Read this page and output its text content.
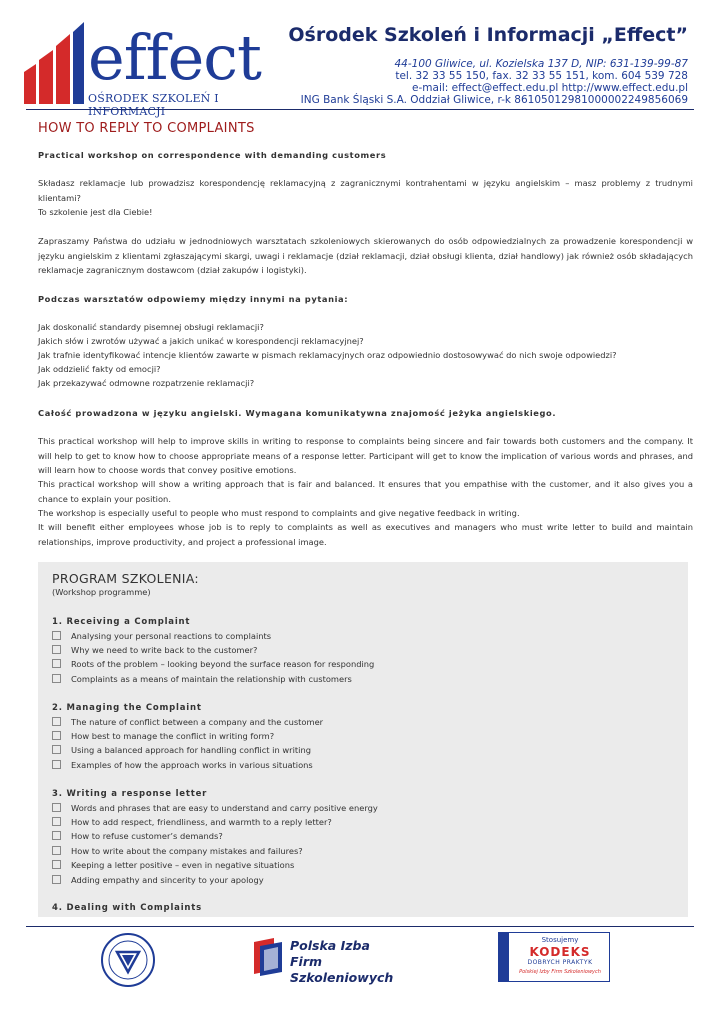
effect
OŚRODEK SZKOLEŃ I INFORMACJI
Ośrodek Szkoleń i Informacji „Effect”
44-100 Gliwice, ul. Kozielska 137 D, NIP: 631-139-99-87
tel. 32 33 55 150, fax. 32 33 55 151, kom. 604 539 728
e-mail: effect@effect.edu.pl http://www.effect.edu.pl
ING Bank Śląski S.A. Oddział Gliwice, r-k 86105012981000002249856069
HOW TO REPLY TO COMPLAINTS
Practical workshop on correspondence with demanding customers
Składasz reklamacje lub prowadzisz korespondencję reklamacyjną z zagranicznymi kontrahentami w języku angielskim – masz problemy z trudnymi klientami?
To szkolenie jest dla Ciebie!
Zapraszamy Państwa do udziału w jednodniowych warsztatach szkoleniowych skierowanych do osób odpowiedzialnych za prowadzenie korespondencji w języku angielskim z klientami zgłaszającymi skargi, uwagi i reklamacje (dział reklamacji, dział obsługi klienta, dział handlowy) jak również osób składających reklamacje zagranicznym dostawcom (dział zakupów i logistyki).
Podczas warsztatów odpowiemy między innymi na pytania:
Jak doskonalić standardy pisemnej obsługi reklamacji?
Jakich słów i zwrotów używać a jakich unikać w korespondencji reklamacyjnej?
Jak trafnie identyfikować intencje klientów zawarte w pismach reklamacyjnych oraz odpowiednio dostosowywać do nich swoje odpowiedzi?
Jak oddzielić fakty od emocji?
Jak przekazywać odmowne rozpatrzenie reklamacji?
Całość prowadzona w języku angielski. Wymagana komunikatywna znajomość jeżyka angielskiego.
This practical workshop will help to improve skills in writing to response to complaints being sincere and fair towards both customers and the company. It will help to get to know how to choose appropriate means of a response letter. Participant will get to know the implication of various words and phrases, and will learn how to choose words that convey positive emotions.
This practical workshop will show a writing approach that is fair and balanced. It ensures that you empathise with the customer, and it also gives you a chance to explain your position.
The workshop is especially useful to people who must respond to complaints and give negative feedback in writing.
It will benefit either employees whose job is to reply to complaints as well as executives and managers who must write letter to build and maintain relationships, improve productivity, and project a professional image.
PROGRAM SZKOLENIA:
(Workshop programme)
1. Receiving a Complaint
Analysing your personal reactions to complaints
Why we need to write back to the customer?
Roots of the problem – looking beyond the surface reason for responding
Complaints as a means of maintain the relationship with customers
2. Managing the Complaint
The nature of conflict between a company and the customer
How best to manage the conflict in writing form?
Using a balanced approach for handling conflict in writing
Examples of how the approach works in various situations
3. Writing a response letter
Words and phrases that are easy to understand and carry positive energy
How to add respect, friendliness, and warmth to a reply letter?
How to refuse customer’s demands?
How to write about the company mistakes and failures?
Keeping a letter positive – even in negative situations
Adding empathy and sincerity to your apology
4. Dealing with Complaints
Polska Izba
Firm Szkoleniowych
Stosujemy
KODEKS
DOBRYCH PRAKTYK
Polskiej Izby Firm Szkoleniowych
